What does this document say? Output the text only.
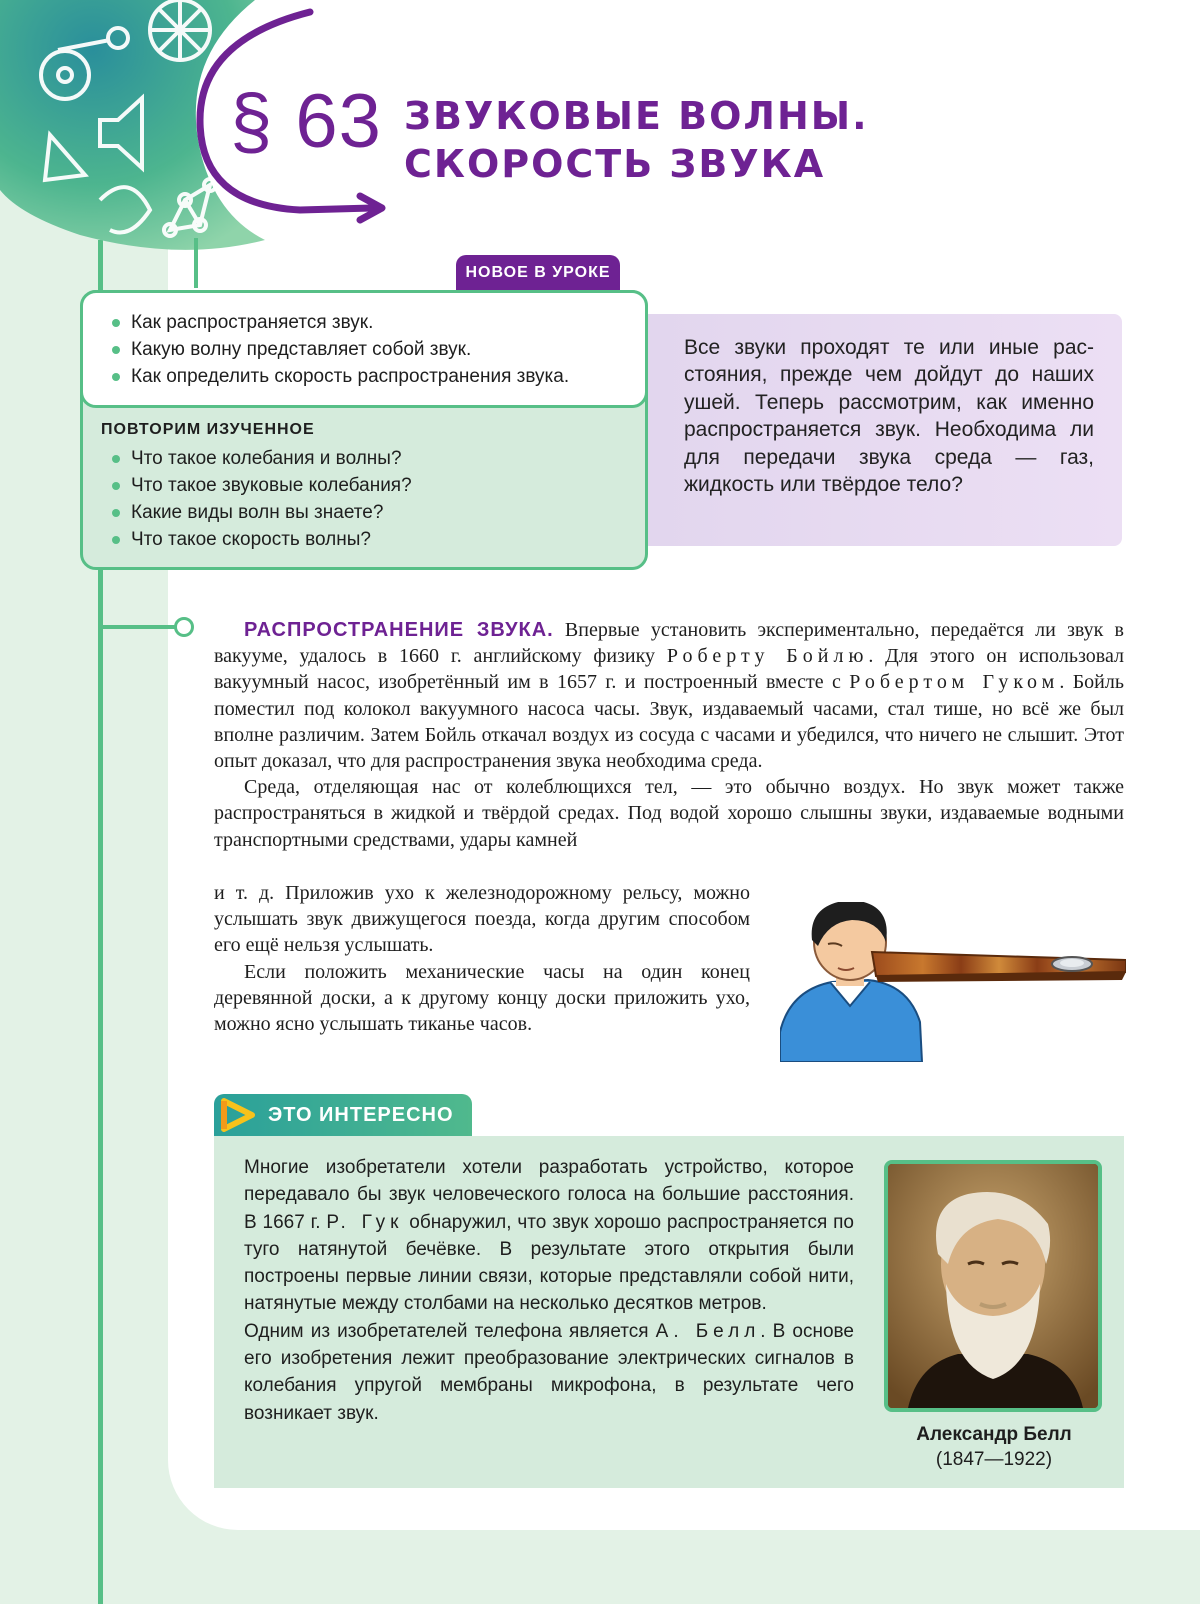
§ 63 ЗВУКОВЫЕ ВОЛНЫ.
СКОРОСТЬ ЗВУКА
НОВОЕ В УРОКЕ
Как распространяется звук.
Какую волну представляет собой звук.
Как определить скорость распространения звука.
ПОВТОРИМ ИЗУЧЕННОЕ
Что такое колебания и волны?
Что такое звуковые колебания?
Какие виды волн вы знаете?
Что такое скорость волны?
Все звуки проходят те или иные расстояния, прежде чем дойдут до наших ушей. Теперь рассмотрим, как именно распространяется звук. Необходима ли для передачи звука среда — газ, жидкость или твёрдое тело?

РАСПРОСТРАНЕНИЕ ЗВУКА. Впервые установить экспериментально, передаётся ли звук в вакууме, удалось в 1660 г. английскому физику Роберту Бойлю. Для этого он использовал вакуумный насос, изобретённый им в 1657 г. и построенный вместе с Робертом Гуком. Бойль поместил под колокол вакуумного насоса часы. Звук, издаваемый часами, стал тише, но всё же был вполне различим. Затем Бойль откачал воздух из сосуда с часами и убедился, что ничего не слышит. Этот опыт доказал, что для распространения звука необходима среда.

Среда, отделяющая нас от колеблющихся тел, — это обычно воздух. Но звук может также распространяться в жидкой и твёрдой средах. Под водой хорошо слышны звуки, издаваемые водными транспортными средствами, удары камней

и т. д. Приложив ухо к железнодорожному рельсу, можно услышать звук движущегося поезда, когда другим способом его ещё нельзя услышать.

Если положить механические часы на один конец деревянной доски, а к другому концу доски приложить ухо, можно ясно услышать тиканье часов.

ЭТО ИНТЕРЕСНО

Многие изобретатели хотели разработать устройство, которое передавало бы звук человеческого голоса на большие расстояния. В 1667 г. Р. Гук обнаружил, что звук хорошо распространяется по туго натянутой бечёвке. В результате этого открытия были построены первые линии связи, которые представляли собой нити, натянутые между столбами на несколько десятков метров.

Одним из изобретателей телефона является А. Белл. В основе его изобретения лежит преобразование электрических сигналов в колебания упругой мембраны микрофона, в результате чего возникает звук.

Александр Белл
(1847—1922)
